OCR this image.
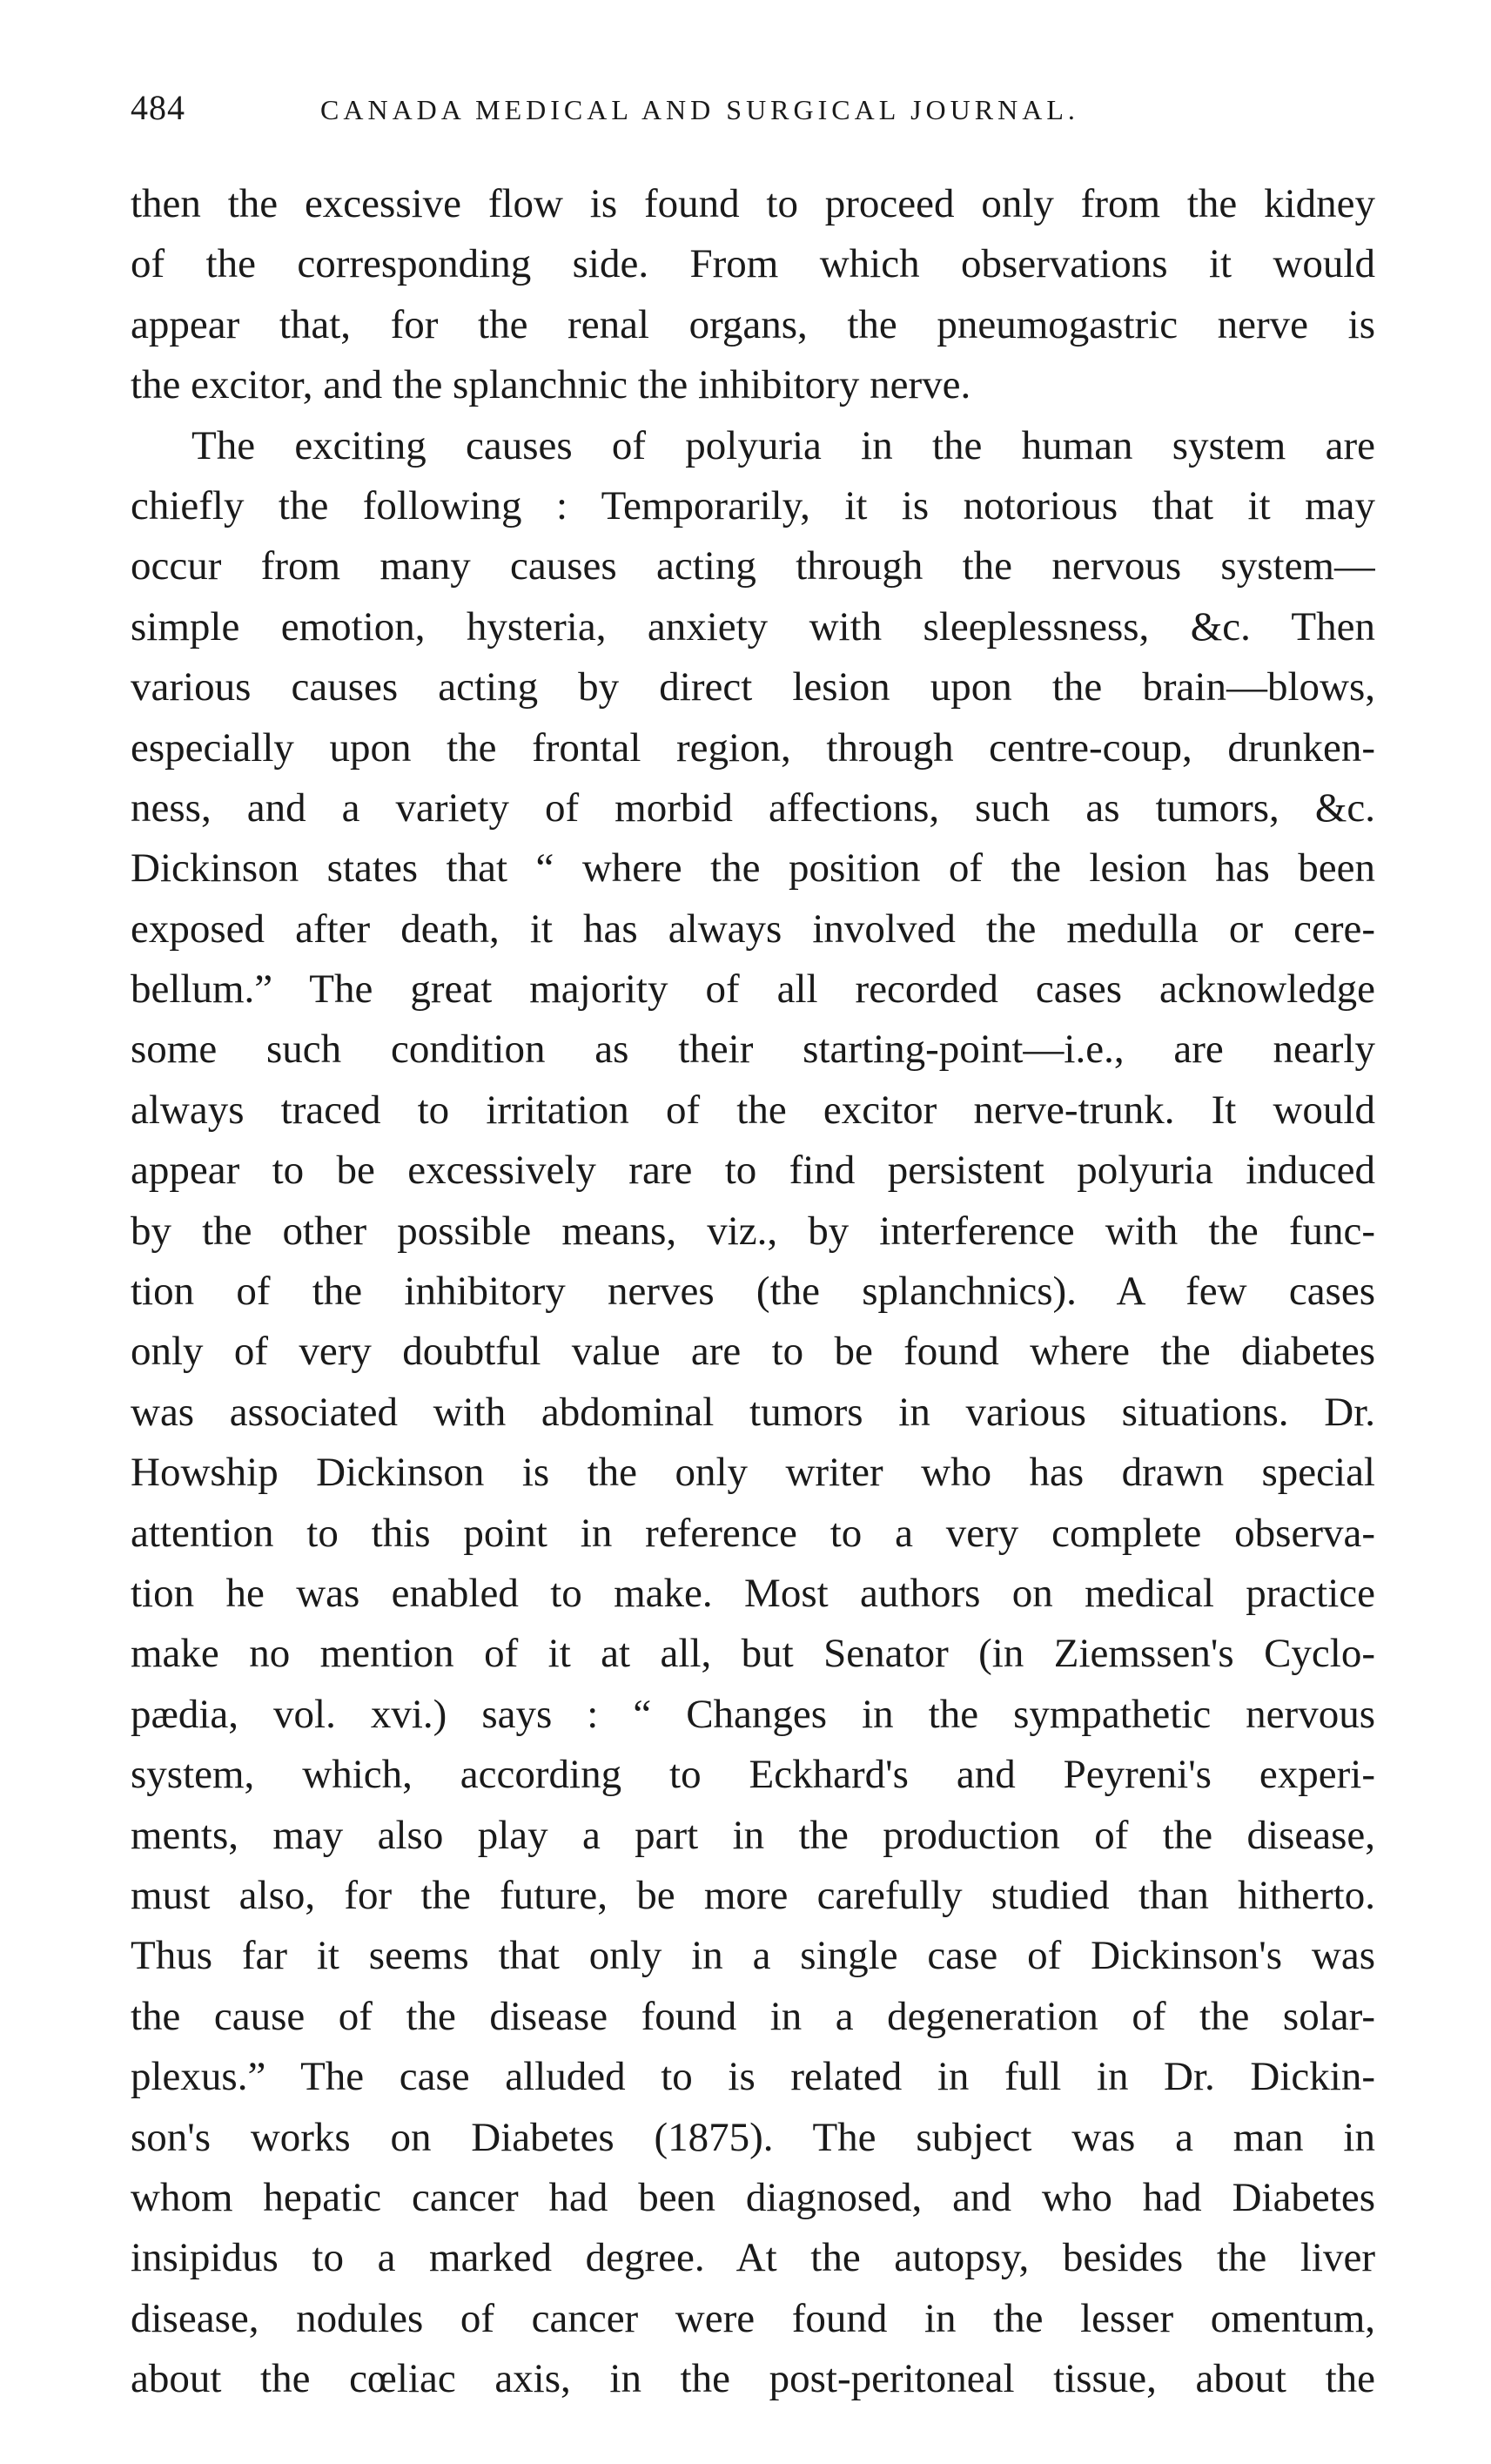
484	CANADA MEDICAL AND SURGICAL JOURNAL.
then the excessive flow is found to proceed only from the kidney
of the corresponding side. From which observations it would
appear that, for the renal organs, the pneumogastric nerve is
the excitor, and the splanchnic the inhibitory nerve.
The exciting causes of polyuria in the human system are
chiefly the following : Temporarily, it is notorious that it may
occur from many causes acting through the nervous system—
simple emotion, hysteria, anxiety with sleeplessness, &c. Then
various causes acting by direct lesion upon the brain—blows,
especially upon the frontal region, through centre-coup, drunken-
ness, and a variety of morbid affections, such as tumors, &c.
Dickinson states that “ where the position of the lesion has been
exposed after death, it has always involved the medulla or cere-
bellum.” The great majority of all recorded cases acknowledge
some such condition as their starting-point—i.e., are nearly
always traced to irritation of the excitor nerve-trunk. It would
appear to be excessively rare to find persistent polyuria induced
by the other possible means, viz., by interference with the func-
tion of the inhibitory nerves (the splanchnics). A few cases
only of very doubtful value are to be found where the diabetes
was associated with abdominal tumors in various situations. Dr.
Howship Dickinson is the only writer who has drawn special
attention to this point in reference to a very complete observa-
tion he was enabled to make. Most authors on medical practice
make no mention of it at all, but Senator (in Ziemssen's Cyclo-
pædia, vol. xvi.) says : “ Changes in the sympathetic nervous
system, which, according to Eckhard's and Peyreni's experi-
ments, may also play a part in the production of the disease,
must also, for the future, be more carefully studied than hitherto.
Thus far it seems that only in a single case of Dickinson's was
the cause of the disease found in a degeneration of the solar-
plexus.” The case alluded to is related in full in Dr. Dickin-
son's works on Diabetes (1875). The subject was a man in
whom hepatic cancer had been diagnosed, and who had Diabetes
insipidus to a marked degree. At the autopsy, besides the liver
disease, nodules of cancer were found in the lesser omentum,
about the cœliac axis, in the post-peritoneal tissue, about the
